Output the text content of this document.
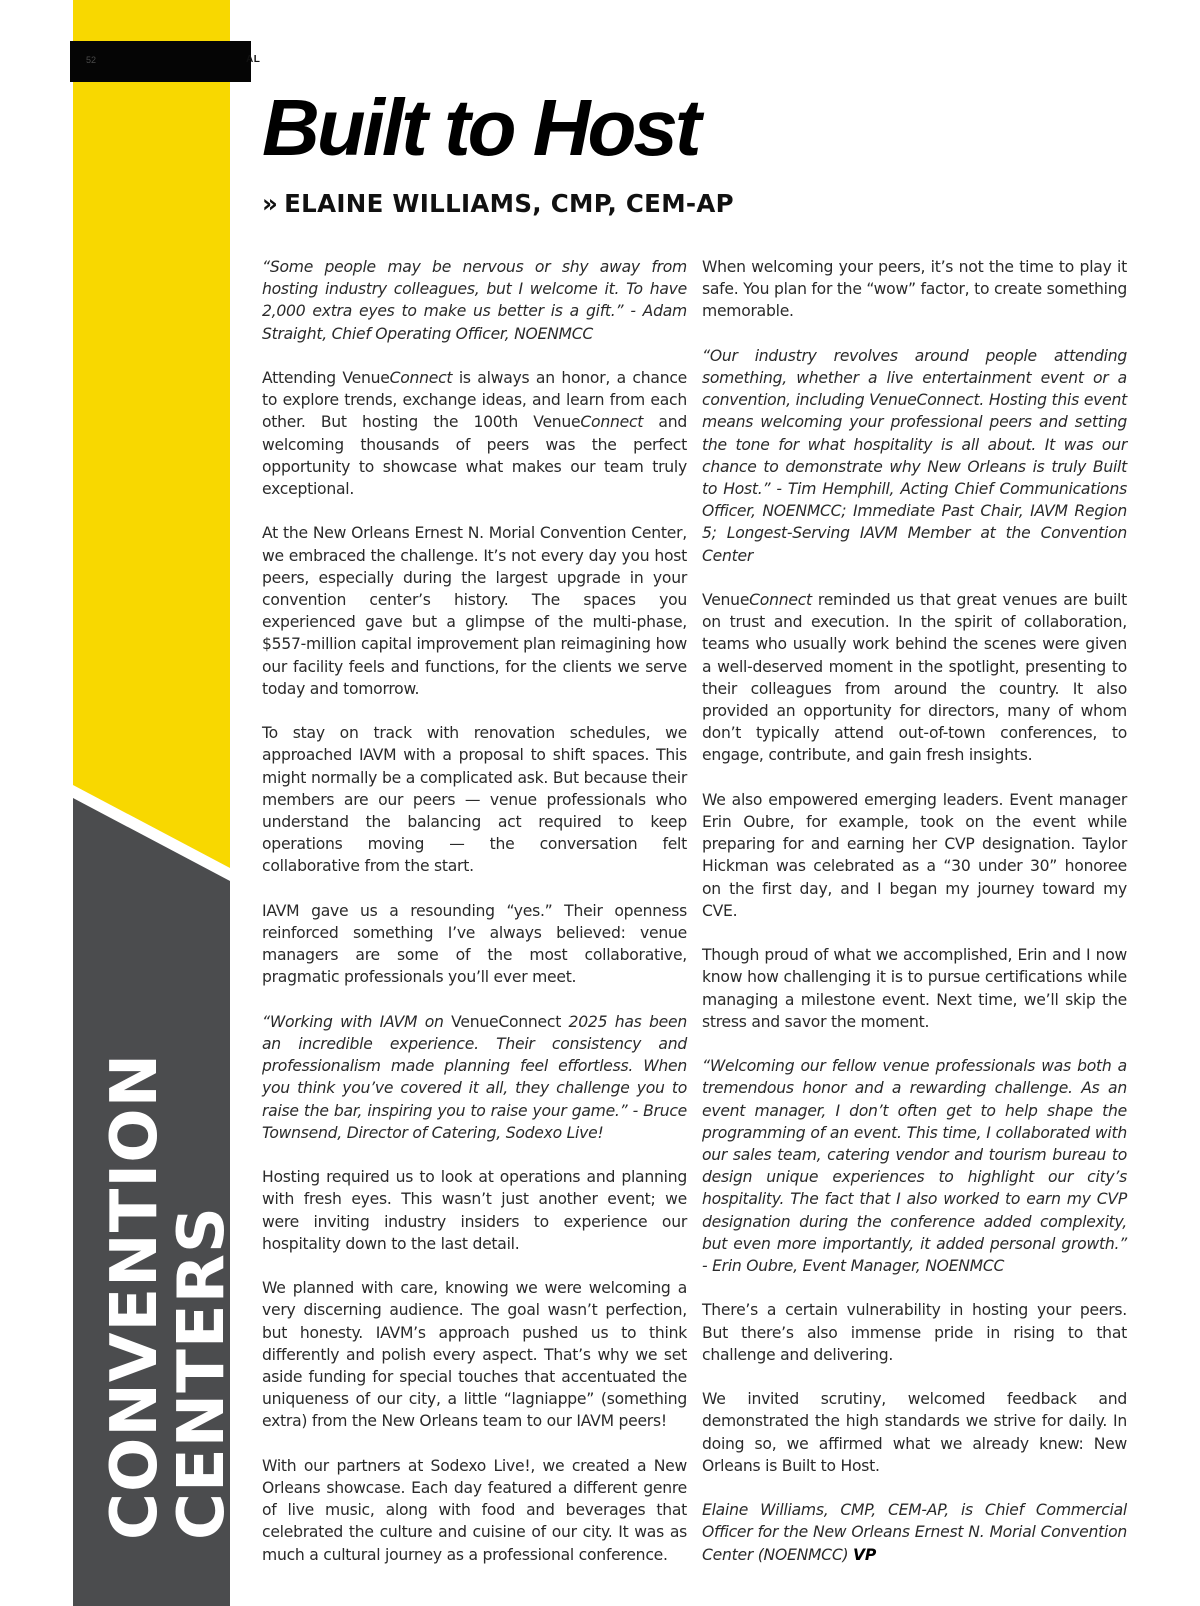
52	AL
CONVENTION
CENTERS
Built to Host
» ELAINE WILLIAMS, CMP, CEM-AP

“Some people may be nervous or shy away from hosting industry colleagues, but I welcome it. To have 2,000 extra eyes to make us better is a gift.” - Adam Straight, Chief Operating Officer, NOENMCC

Attending VenueConnect is always an honor, a chance to explore trends, exchange ideas, and learn from each other. But hosting the 100th VenueConnect and welcoming thousands of peers was the perfect opportunity to showcase what makes our team truly exceptional.

At the New Orleans Ernest N. Morial Convention Center, we embraced the challenge. It’s not every day you host peers, especially during the largest upgrade in your convention center’s history. The spaces you experienced gave but a glimpse of the multi-phase, $557-million capital improvement plan reimagining how our facility feels and functions, for the clients we serve today and tomorrow.

To stay on track with renovation schedules, we approached IAVM with a proposal to shift spaces. This might normally be a complicated ask. But because their members are our peers — venue professionals who understand the balancing act required to keep operations moving — the conversation felt collaborative from the start.

IAVM gave us a resounding “yes.” Their openness reinforced something I’ve always believed: venue managers are some of the most collaborative, pragmatic professionals you’ll ever meet.

“Working with IAVM on VenueConnect 2025 has been an incredible experience. Their consistency and professionalism made planning feel effortless. When you think you’ve covered it all, they challenge you to raise the bar, inspiring you to raise your game.” - Bruce Townsend, Director of Catering, Sodexo Live!

Hosting required us to look at operations and planning with fresh eyes. This wasn’t just another event; we were inviting industry insiders to experience our hospitality down to the last detail.

We planned with care, knowing we were welcoming a very discerning audience. The goal wasn’t perfection, but honesty. IAVM’s approach pushed us to think differently and polish every aspect. That’s why we set aside funding for special touches that accentuated the uniqueness of our city, a little “lagniappe” (something extra) from the New Orleans team to our IAVM peers!

With our partners at Sodexo Live!, we created a New Orleans showcase. Each day featured a different genre of live music, along with food and beverages that celebrated the culture and cuisine of our city. It was as much a cultural journey as a professional conference.

When welcoming your peers, it’s not the time to play it safe. You plan for the “wow” factor, to create something memorable.

“Our industry revolves around people attending something, whether a live entertainment event or a convention, including VenueConnect. Hosting this event means welcoming your professional peers and setting the tone for what hospitality is all about. It was our chance to demonstrate why New Orleans is truly Built to Host.” - Tim Hemphill, Acting Chief Communications Officer, NOENMCC; Immediate Past Chair, IAVM Region 5; Longest-Serving IAVM Member at the Convention Center

VenueConnect reminded us that great venues are built on trust and execution. In the spirit of collaboration, teams who usually work behind the scenes were given a well-deserved moment in the spotlight, presenting to their colleagues from around the country. It also provided an opportunity for directors, many of whom don’t typically attend out-of-town conferences, to engage, contribute, and gain fresh insights.

We also empowered emerging leaders. Event manager Erin Oubre, for example, took on the event while preparing for and earning her CVP designation. Taylor Hickman was celebrated as a “30 under 30” honoree on the first day, and I began my journey toward my CVE.

Though proud of what we accomplished, Erin and I now know how challenging it is to pursue certifications while managing a milestone event. Next time, we’ll skip the stress and savor the moment.

“Welcoming our fellow venue professionals was both a tremendous honor and a rewarding challenge. As an event manager, I don’t often get to help shape the programming of an event. This time, I collaborated with our sales team, catering vendor and tourism bureau to design unique experiences to highlight our city’s hospitality. The fact that I also worked to earn my CVP designation during the conference added complexity, but even more importantly, it added personal growth.” - Erin Oubre, Event Manager, NOENMCC

There’s a certain vulnerability in hosting your peers. But there’s also immense pride in rising to that challenge and delivering.

We invited scrutiny, welcomed feedback and demonstrated the high standards we strive for daily. In doing so, we affirmed what we already knew: New Orleans is Built to Host.

Elaine Williams, CMP, CEM-AP, is Chief Commercial Officer for the New Orleans Ernest N. Morial Convention Center (NOENMCC) VP
